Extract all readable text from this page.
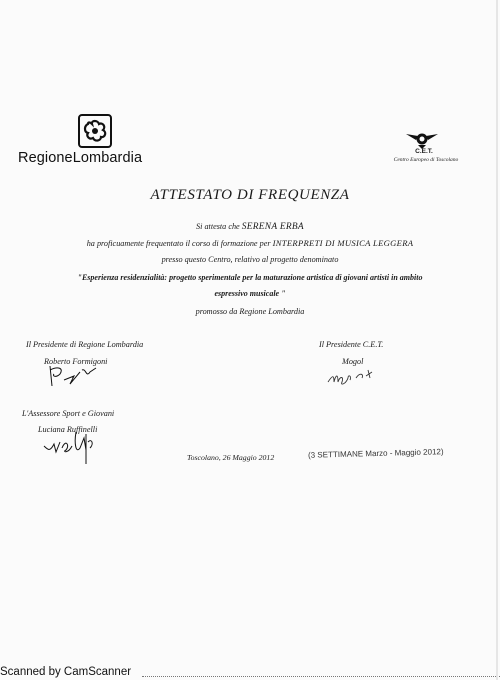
RegioneLombardia	C.E.T.
Centro Europeo di Toscolano
ATTESTATO DI FREQUENZA
Si attesta che SERENA ERBA
ha proficuamente frequentato il corso di formazione per INTERPRETI DI MUSICA LEGGERA
presso questo Centro, relativo al progetto denominato
"Esperienza residenzialità: progetto sperimentale per la maturazione artistica di giovani artisti in ambito
espressivo musicale "
promosso da Regione Lombardia
Il Presidente di Regione Lombardia
Roberto Formigoni
Il Presidente C.E.T.
Mogol
L'Assessore Sport e Giovani
Luciana Ruffinelli
Toscolano, 26 Maggio 2012	(3 SETTIMANE Marzo - Maggio 2012)
Scanned by CamScanner
